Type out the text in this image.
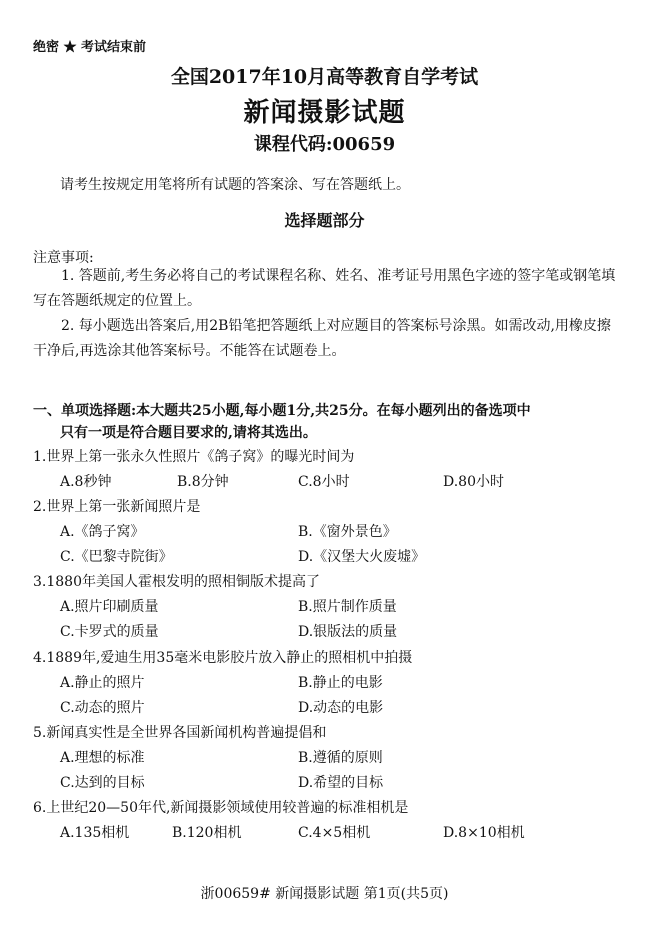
绝密 ★ 考试结束前
全国2017年10月高等教育自学考试
新闻摄影试题
课程代码:00659
请考生按规定用笔将所有试题的答案涂、写在答题纸上。
选择题部分
注意事项:
1. 答题前,考生务必将自己的考试课程名称、姓名、准考证号用黑色字迹的签字笔或钢笔填写在答题纸规定的位置上。
2. 每小题选出答案后,用2B铅笔把答题纸上对应题目的答案标号涂黑。如需改动,用橡皮擦干净后,再选涂其他答案标号。不能答在试题卷上。
一、单项选择题:本大题共25小题,每小题1分,共25分。在每小题列出的备选项中
只有一项是符合题目要求的,请将其选出。
1.世界上第一张永久性照片《鸽子窝》的曝光时间为
A.8秒钟	B.8分钟	C.8小时	D.80小时
2.世界上第一张新闻照片是
A.《鸽子窝》	B.《窗外景色》
C.《巴黎寺院街》	D.《汉堡大火废墟》
3.1880年美国人霍根发明的照相铜版术提高了
A.照片印刷质量	B.照片制作质量
C.卡罗式的质量	D.银版法的质量
4.1889年,爱迪生用35毫米电影胶片放入静止的照相机中拍摄
A.静止的照片	B.静止的电影
C.动态的照片	D.动态的电影
5.新闻真实性是全世界各国新闻机构普遍提倡和
A.理想的标准	B.遵循的原则
C.达到的目标	D.希望的目标
6.上世纪20—50年代,新闻摄影领域使用较普遍的标准相机是
A.135相机	B.120相机	C.4×5相机	D.8×10相机
浙00659# 新闻摄影试题 第1页(共5页)
